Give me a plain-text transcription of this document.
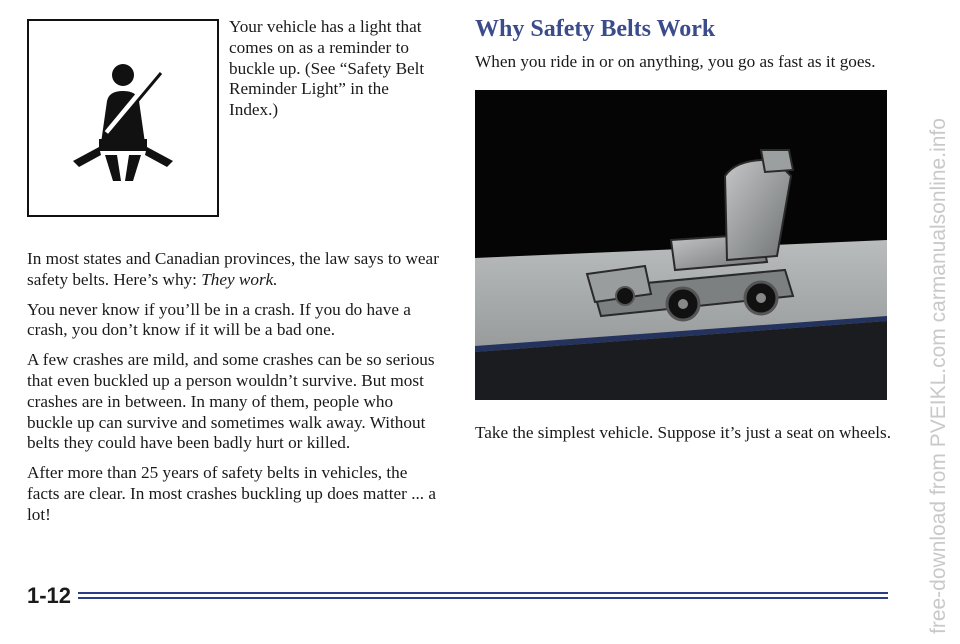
Your vehicle has a light that comes on as a reminder to buckle up. (See “Safety Belt Reminder Light” in the Index.)

In most states and Canadian provinces, the law says to wear safety belts. Here’s why: They work.

You never know if you’ll be in a crash. If you do have a crash, you don’t know if it will be a bad one.

A few crashes are mild, and some crashes can be so serious that even buckled up a person wouldn’t survive. But most crashes are in between. In many of them, people who buckle up can survive and sometimes walk away. Without belts they could have been badly hurt or killed.

After more than 25 years of safety belts in vehicles, the facts are clear. In most crashes buckling up does matter ... a lot!

Why Safety Belts Work
When you ride in or on anything, you go as fast as it goes.
Take the simplest vehicle. Suppose it’s just a seat on wheels.
1-12	free-download from PVEIKL.com carmanualsonline.info
